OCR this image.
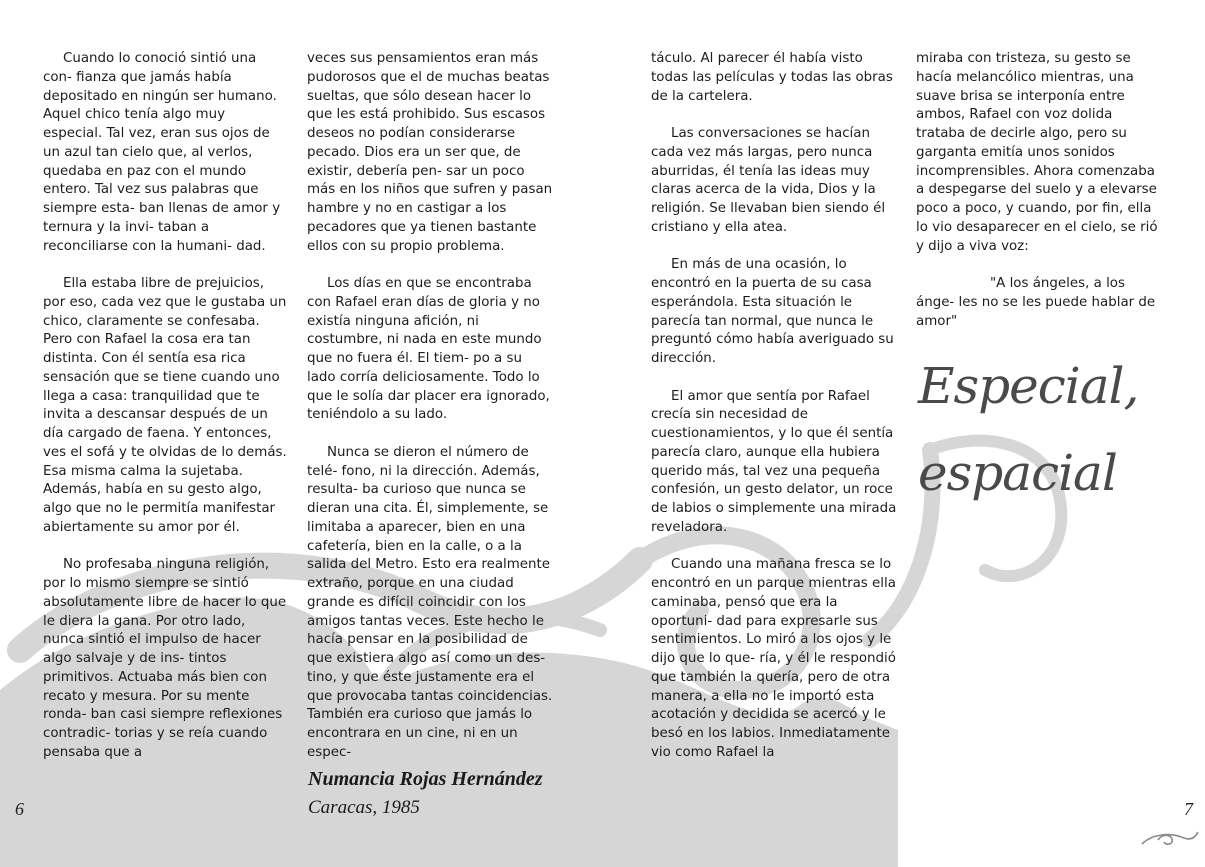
Cuando lo conoció sintió una con- fianza que jamás había depositado en ningún ser humano. Aquel chico tenía algo muy especial. Tal vez, eran sus ojos de un azul tan cielo que, al verlos, quedaba en paz con el mundo entero. Tal vez sus palabras que siempre esta- ban llenas de amor y ternura y la invi- taban a reconciliarse con la humani- dad.

Ella estaba libre de prejuicios, por eso, cada vez que le gustaba un chico, claramente se confesaba. Pero con Rafael la cosa era tan distinta. Con él sentía esa rica sensación que se tiene cuando uno llega a casa: tranquilidad que te invita a descansar después de un día cargado de faena. Y entonces, ves el sofá y te olvidas de lo demás. Esa misma calma la sujetaba. Además, había en su gesto algo, algo que no le permitía manifestar abiertamente su amor por él.

No profesaba ninguna religión, por lo mismo siempre se sintió absolutamente libre de hacer lo que le diera la gana. Por otro lado, nunca sintió el impulso de hacer algo salvaje y de ins- tintos primitivos. Actuaba más bien con recato y mesura. Por su mente ronda- ban casi siempre reflexiones contradic- torias y se reía cuando pensaba que a

veces sus pensamientos eran más pudorosos que el de muchas beatas sueltas, que sólo desean hacer lo que les está prohibido. Sus escasos deseos no podían considerarse pecado. Dios era un ser que, de existir, debería pen- sar un poco más en los niños que sufren y pasan hambre y no en castigar a los pecadores que ya tienen bastante ellos con su propio problema.

Los días en que se encontraba con Rafael eran días de gloria y no existía ninguna afición, ni costumbre, ni nada en este mundo que no fuera él. El tiem- po a su lado corría deliciosamente. Todo lo que le solía dar placer era ignorado, teniéndolo a su lado.

Nunca se dieron el número de telé- fono, ni la dirección. Además, resulta- ba curioso que nunca se dieran una cita. Él, simplemente, se limitaba a aparecer, bien en una cafetería, bien en la calle, o a la salida del Metro. Esto era realmente extraño, porque en una ciudad grande es difícil coincidir con los amigos tantas veces. Este hecho le hacía pensar en la posibilidad de que existiera algo así como un des- tino, y que éste justamente era el que provocaba tantas coincidencias. También era curioso que jamás lo encontrara en un cine, ni en un espec-

táculo. Al parecer él había visto todas las películas y todas las obras de la cartelera.

Las conversaciones se hacían cada vez más largas, pero nunca aburridas, él tenía las ideas muy claras acerca de la vida, Dios y la religión. Se llevaban bien siendo él cristiano y ella atea.

En más de una ocasión, lo encontró en la puerta de su casa esperándola. Esta situación le parecía tan normal, que nunca le preguntó cómo había averiguado su dirección.

El amor que sentía por Rafael crecía sin necesidad de cuestionamientos, y lo que él sentía parecía claro, aunque ella hubiera querido más, tal vez una pequeña confesión, un gesto delator, un roce de labios o simplemente una mirada reveladora.

Cuando una mañana fresca se lo encontró en un parque mientras ella caminaba, pensó que era la oportuni- dad para expresarle sus sentimientos. Lo miró a los ojos y le dijo que lo que- ría, y él le respondió que también la quería, pero de otra manera, a ella no le importó esta acotación y decidida se acercó y le besó en los labios. Inmediatamente vio como Rafael la

miraba con tristeza, su gesto se hacía melancólico mientras, una suave brisa se interponía entre ambos, Rafael con voz dolida trataba de decirle algo, pero su garganta emitía unos sonidos incomprensibles. Ahora comenzaba a despegarse del suelo y a elevarse poco a poco, y cuando, por fin, ella lo vio desaparecer en el cielo, se rió y dijo a viva voz:

"A los ángeles, a los ánge- les no se les puede hablar de amor"

Especial,
espacial
Numancia Rojas Hernández
Caracas, 1985
6	7
